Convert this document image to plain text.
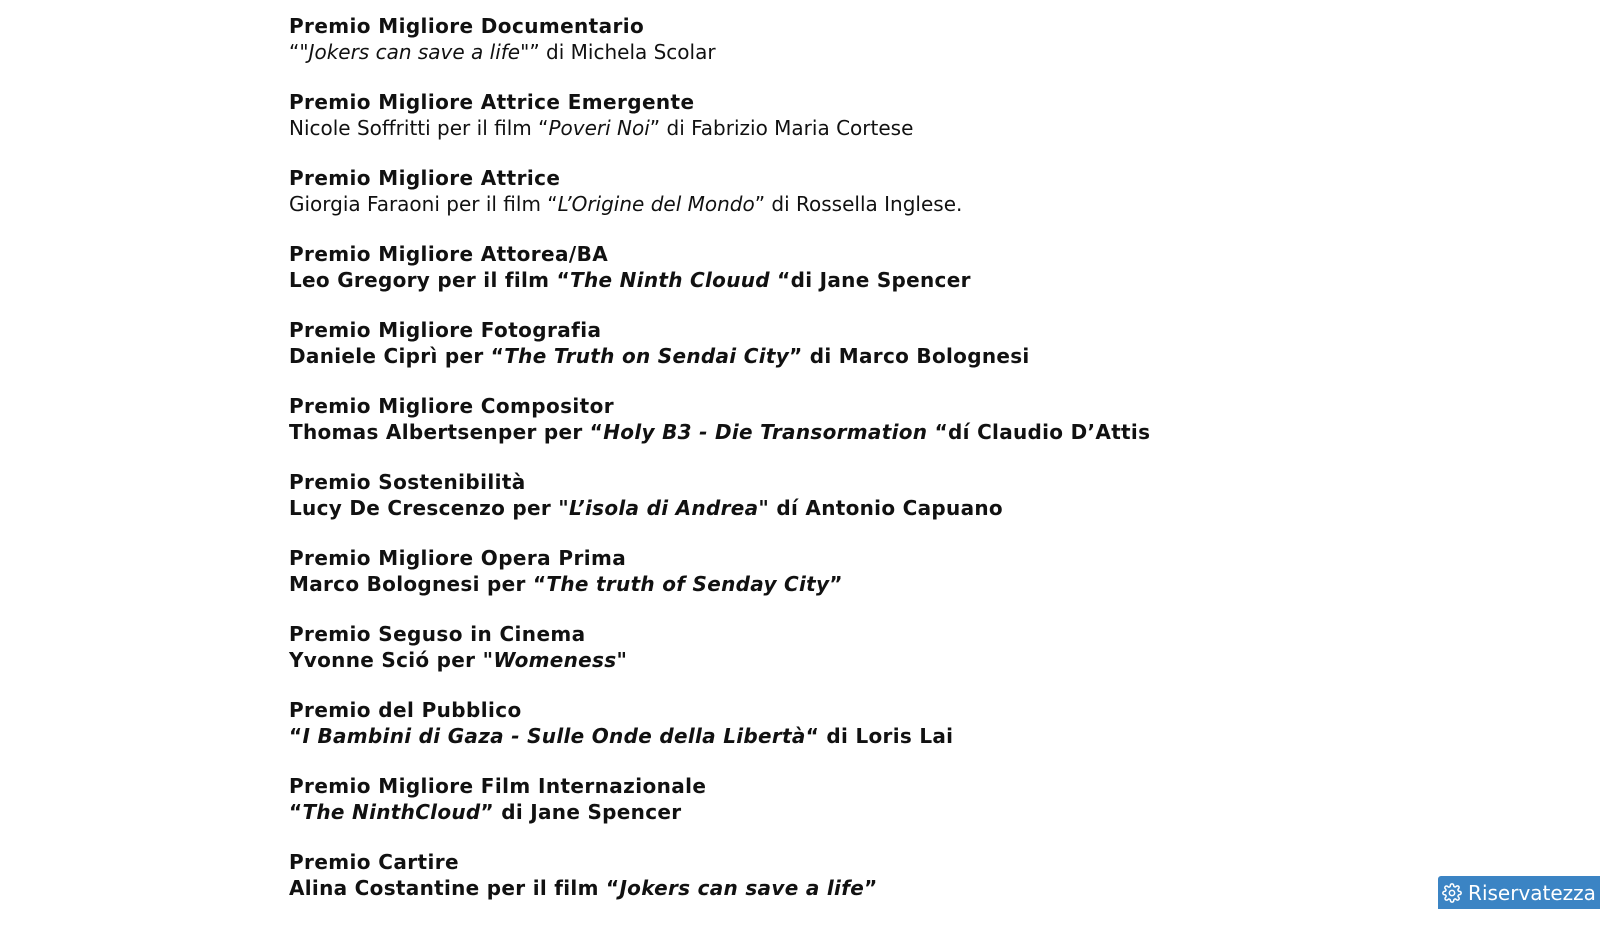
Premio Migliore Documentario
“"Jokers can save a life"” di Michela Scolar
Premio Migliore Attrice Emergente
Nicole Soffritti per il film “Poveri Noi” di Fabrizio Maria Cortese
Premio Migliore Attrice
Giorgia Faraoni per il film “L’Origine del Mondo” di Rossella Inglese.
Premio Migliore Attorea/BA
Leo Gregory per il film “The Ninth Clouud “di Jane Spencer
Premio Migliore Fotografia
Daniele Ciprì per “The Truth on Sendai City” di Marco Bolognesi
Premio Migliore Compositor
Thomas Albertsenper per “Holy B3 - Die Transormation “dí Claudio D’Attis
Premio Sostenibilità
Lucy De Crescenzo per "L’isola di Andrea" dí Antonio Capuano
Premio Migliore Opera Prima
Marco Bolognesi per “The truth of Senday City”
Premio Seguso in Cinema
Yvonne Sció per "Womeness"
Premio del Pubblico
“I Bambini di Gaza - Sulle Onde della Libertà“ di Loris Lai
Premio Migliore Film Internazionale
“The NinthCloud” di Jane Spencer
Premio Cartire
Alina Costantine per il film “Jokers can save a life”	Riservatezza
